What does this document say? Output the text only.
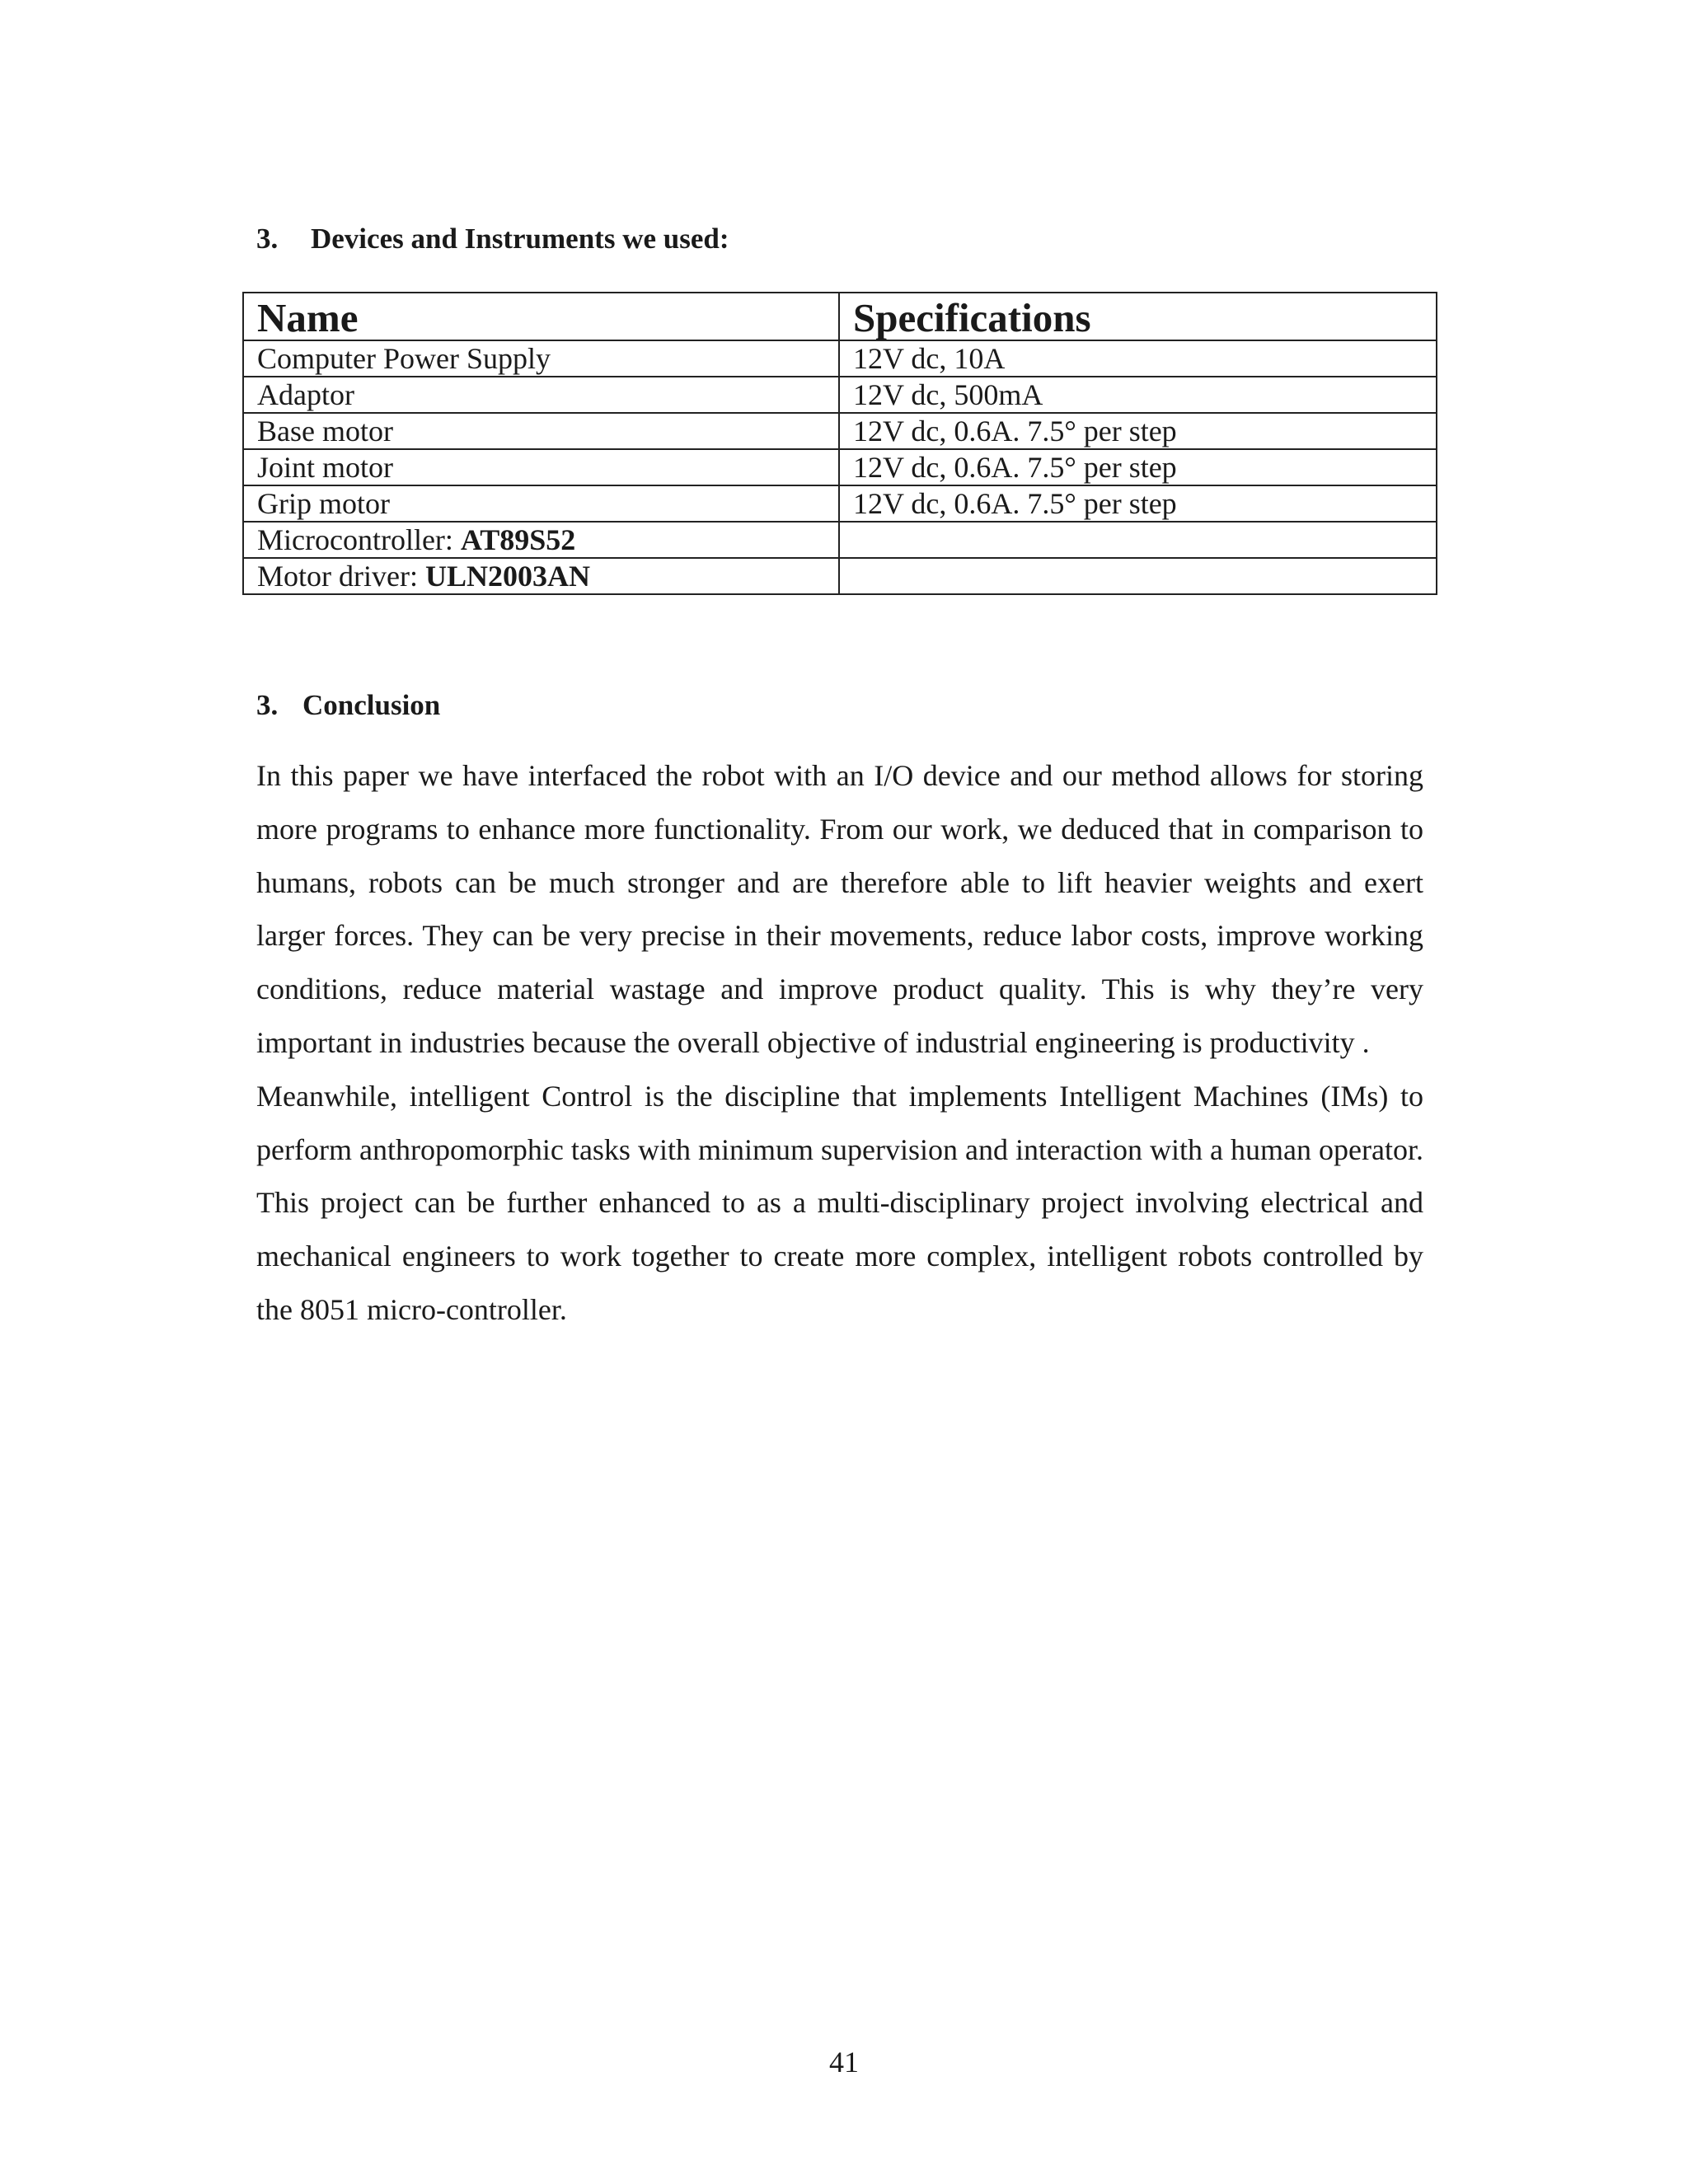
3. Devices and Instruments we used:
Name	Specifications
Computer Power Supply	12V dc, 10A
Adaptor	12V dc, 500mA
Base motor	12V dc, 0.6A. 7.5° per step
Joint motor	12V dc, 0.6A. 7.5° per step
Grip motor	12V dc, 0.6A. 7.5° per step
Microcontroller: AT89S52	
Motor driver: ULN2003AN	
3. Conclusion

In this paper we have interfaced the robot with an I/O device and our method allows for storing more programs to enhance more functionality. From our work, we deduced that in comparison to humans, robots can be much stronger and are therefore able to lift heavier weights and exert larger forces. They can be very precise in their movements, reduce labor costs, improve working conditions, reduce material wastage and improve product quality. This is why they’re very important in industries because the overall objective of industrial engineering is productivity .

Meanwhile, intelligent Control is the discipline that implements Intelligent Machines (IMs) to perform anthropomorphic tasks with minimum supervision and interaction with a human operator. This project can be further enhanced to as a multi-disciplinary project involving electrical and mechanical engineers to work together to create more complex, intelligent robots controlled by the 8051 micro-controller.

41
